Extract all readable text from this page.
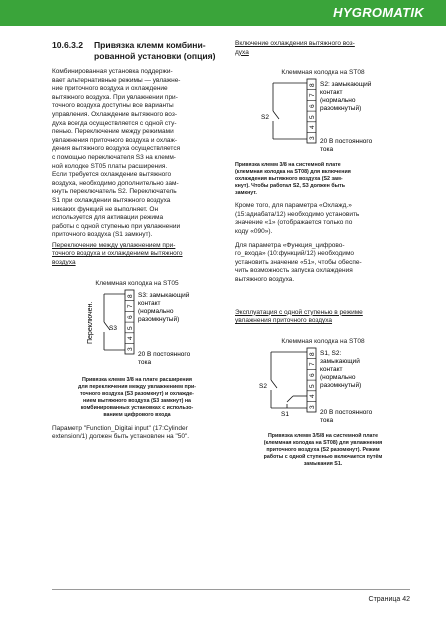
HYGROMATIK
10.6.3.2	Привязка клемм комбини-
рованной установки (опция)

Комбинированная установка поддержи-

вает альтернативные режимы — увлажне-

ние приточного воздуха и охлаждение

вытяжного воздуха. При увлажнении при-

точного воздуха доступны все варианты

управления. Охлаждение вытяжного воз-

духа всегда осуществляется с одной сту-

пенью. Переключение между режимами

увлажнения приточного воздуха и охлаж-

дения вытяжного воздуха осуществляется

с помощью переключателя S3 на клемм-

ной колодке ST05 платы расширения.

Если требуется охлаждение вытяжного

воздуха, необходимо дополнительно зам-

кнуть переключатель S2. Переключатель

S1 при охлаждении вытяжного воздуха

никаких функций не выполняет. Он

используется для активации режима

работы с одной ступенью при увлажнении

приточного воздуха (S1 замкнут).

Переключение между увлажнением при-

точного воздуха и охлаждением вытяжного

воздуха

Клеммная колодка на ST05
Переключен. S3
3
4
5
6
7
8 S3: замыкающий
контакт
(нормально
разомкнутый)
20 В постоянного
тока
Привязка клемм 3/8 на плате расширения
для переключения между увлажнением при-
точного воздуха (S3 разомкнут) и охлажде-
нием вытяжного воздуха (S3 замкнут) на
комбинированных установках с использо-
ванием цифрового входа

Параметр "Function_Digitai input" (17:Cylinder

extension/1) должен быть установлен на "50".

Включение охлаждения вытяжного воз-

духа

Клеммная колодка на ST08
S2
3
4
5
6
7
8 S2: замыкающий
контакт
(нормально
разомкнутый)
20 В постоянного
тока
Привязка клемм 3/8 на системной плате
(клеммная колодка на ST08) для включения
охлаждения вытяжного воздуха (S2 зам-
кнут). Чтобы работал S2, S3 должен быть
замкнут.

Кроме того, для параметра «Охлажд.»

(15:адиабата/12) необходимо установить

значение «1» (отображается только по

коду «090»).

Для параметра «Функция_цифрово-

го_входа» (10:функций/12) необходимо

установить значение «51», чтобы обеспе-

чить возможность запуска охлаждения

вытяжного воздуха.

Эксплуатация с одной ступенью в режиме

увлажнения приточного воздуха

Клеммная колодка на ST08
S2
S1
3
4
5
6
7
8 S1, S2:
замыкающий
контакт
(нормально
разомкнутый)
20 В постоянного
тока
Привязка клемм 3/5/8 на системной плате
(клеммная колодка на ST08) для увлажнения
приточного воздуха (S2 разомкнут). Режим
работы с одной ступенью включается путём
замыкания S1.
Страница 42
